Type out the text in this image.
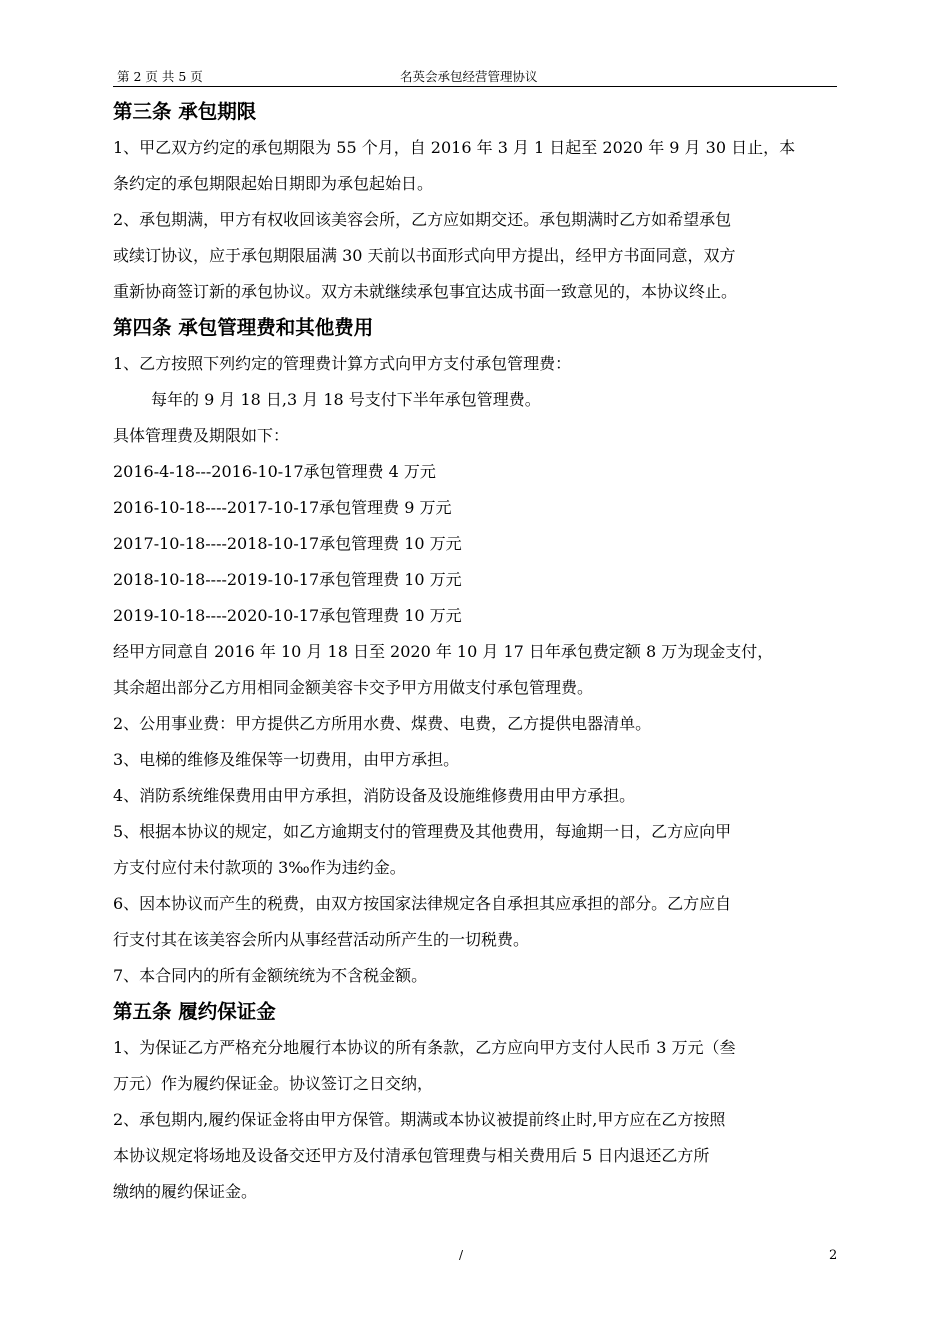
第 2 页 共 5 页	名英会承包经营管理协议
第三条 承包期限

1、甲乙双方约定的承包期限为 55 个月，自 2016 年 3 月 1 日起至 2020 年 9 月 30 日止，本

条约定的承包期限起始日期即为承包起始日。

2、承包期满，甲方有权收回该美容会所，乙方应如期交还。承包期满时乙方如希望承包

或续订协议，应于承包期限届满 30 天前以书面形式向甲方提出，经甲方书面同意，双方

重新协商签订新的承包协议。双方未就继续承包事宜达成书面一致意见的，本协议终止。

第四条 承包管理费和其他费用

1、乙方按照下列约定的管理费计算方式向甲方支付承包管理费：

每年的 9 月 18 日,3 月 18 号支付下半年承包管理费。

具体管理费及期限如下：

2016-4-18---2016-10-17承包管理费 4 万元
2016-10-18----2017-10-17承包管理费 9 万元
2017-10-18----2018-10-17承包管理费 10 万元
2018-10-18----2019-10-17承包管理费 10 万元
2019-10-18----2020-10-17承包管理费 10 万元

经甲方同意自 2016 年 10 月 18 日至 2020 年 10 月 17 日年承包费定额 8 万为现金支付，

其余超出部分乙方用相同金额美容卡交予甲方用做支付承包管理费。

2、公用事业费：甲方提供乙方所用水费、煤费、电费，乙方提供电器清单。

3、电梯的维修及维保等一切费用，由甲方承担。

4、消防系统维保费用由甲方承担，消防设备及设施维修费用由甲方承担。

5、根据本协议的规定，如乙方逾期支付的管理费及其他费用，每逾期一日，乙方应向甲

方支付应付未付款项的 3‰作为违约金。

6、因本协议而产生的税费，由双方按国家法律规定各自承担其应承担的部分。乙方应自

行支付其在该美容会所内从事经营活动所产生的一切税费。

7、本合同内的所有金额统统为不含税金额。

第五条 履约保证金

1、为保证乙方严格充分地履行本协议的所有条款，乙方应向甲方支付人民币 3 万元（叁

万元）作为履约保证金。协议签订之日交纳，

2、承包期内,履约保证金将由甲方保管。期满或本协议被提前终止时,甲方应在乙方按照

本协议规定将场地及设备交还甲方及付清承包管理费与相关费用后 5 日内退还乙方所

缴纳的履约保证金。

/	2
